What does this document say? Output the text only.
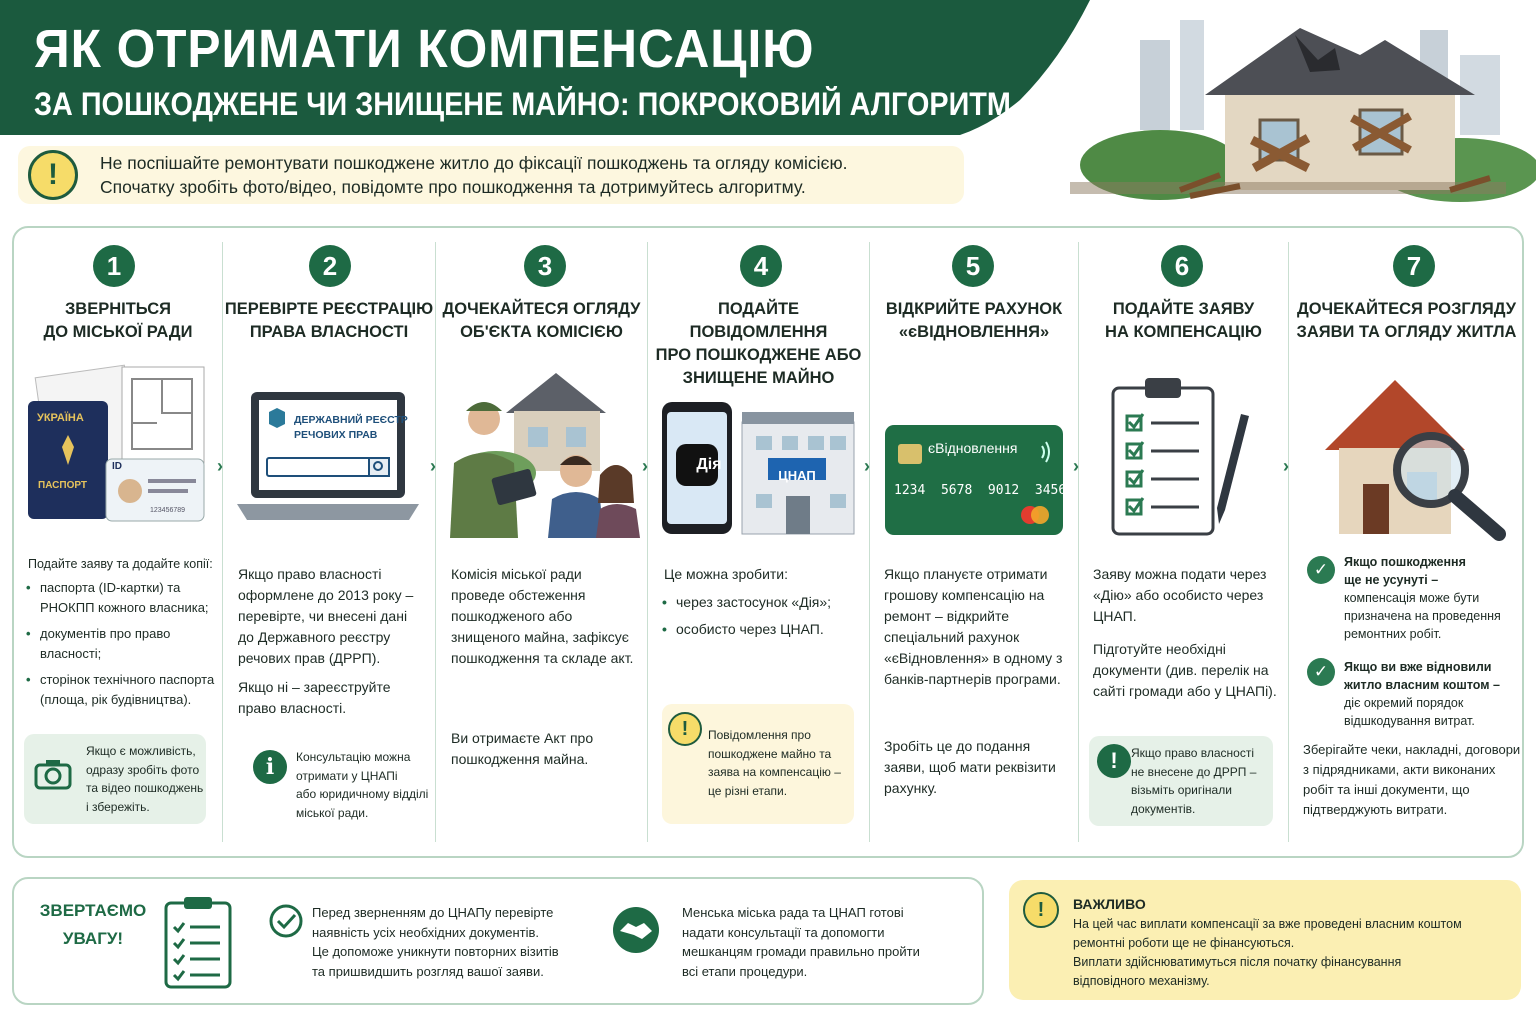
ЯК ОТРИМАТИ КОМПЕНСАЦІЮ
ЗА ПОШКОДЖЕНЕ ЧИ ЗНИЩЕНЕ МАЙНО: ПОКРОКОВИЙ АЛГОРИТМ
!	Не поспішайте ремонтувати пошкоджене житло до фіксації пошкоджень та огляду комісією.
Спочатку зробіть фото/відео, повідомте про пошкодження та дотримуйтесь алгоритму.
›	›	›	›	›	›
1
ЗВЕРНІТЬСЯ
ДО МІСЬКОЇ РАДИ
УКРАЇНА
ПАСПОРТ
ID
123456789
Подайте заяву та додайте копії:
• паспорта (ID-картки) та РНОКПП кожного власника;
• документів про право власності;
• сторінок технічного паспорта (площа, рік будівництва).
Якщо є можливість,
одразу зробіть фото
та відео пошкоджень
і збережіть.
2
ПЕРЕВІРТЕ РЕЄСТРАЦІЮ
ПРАВА ВЛАСНОСТІ
ДЕРЖАВНИЙ РЕЄСТР
РЕЧОВИХ ПРАВ
Якщо право власності оформлене до 2013 року – перевірте, чи внесені дані до Державного реєстру речових прав (ДРРП).
Якщо ні – зареєструйте право власності.
i	Консультацію можна
отримати у ЦНАПі
або юридичному відділі
міської ради.
3
ДОЧЕКАЙТЕСЯ ОГЛЯДУ
ОБ'ЄКТА КОМІСІЄЮ
Комісія міської ради проведе обстеження пошкодженого або знищеного майна, зафіксує пошкодження та складе акт.
Ви отримаєте Акт про пошкодження майна.
4
ПОДАЙТЕ ПОВІДОМЛЕННЯ
ПРО ПОШКОДЖЕНЕ АБО
ЗНИЩЕНЕ МАЙНО
Дія
ЦНАП
Це можна зробити:
• через застосунок «Дія»;
• особисто через ЦНАП.
!	Повідомлення про
пошкоджене майно та
заява на компенсацію –
це різні етапи.
5
ВІДКРИЙТЕ РАХУНОК
«єВІДНОВЛЕННЯ»
єВідновлення
1234  5678  9012  3456
Якщо плануєте отримати грошову компенсацію на ремонт – відкрийте спеціальний рахунок «єВідновлення» в одному з банків-партнерів програми.
Зробіть це до подання заяви, щоб мати реквізити рахунку.
6
ПОДАЙТЕ ЗАЯВУ
НА КОМПЕНСАЦІЮ
Заяву можна подати через «Дію» або особисто через ЦНАП.
Підготуйте необхідні документи (див. перелік на сайті громади або у ЦНАПі).
!	Якщо право власності
не внесене до ДРРП –
візьміть оригінали
документів.
7
ДОЧЕКАЙТЕСЯ РОЗГЛЯДУ
ЗАЯВИ ТА ОГЛЯДУ ЖИТЛА
✓	Якщо пошкодження
ще не усунуті –
компенсація може бути
призначена на проведення
ремонтних робіт.
✓	Якщо ви вже відновили
житло власним коштом –
діє окремий порядок
відшкодування витрат.
Зберігайте чеки, накладні, договори з підрядниками, акти виконаних робіт та інші документи, що підтверджують витрати.
ЗВЕРТАЄМО
УВАГУ!
Перед зверненням до ЦНАПу перевірте
наявність усіх необхідних документів.
Це допоможе уникнути повторних візитів
та пришвидшить розгляд вашої заяви.
Менська міська рада та ЦНАП готові
надати консультації та допомогти
мешканцям громади правильно пройти
всі етапи процедури.
!	ВАЖЛИВО
На цей час виплати компенсації за вже проведені власним коштом
ремонтні роботи ще не фінансуються.
Виплати здійснюватимуться після початку фінансування
відповідного механізму.
